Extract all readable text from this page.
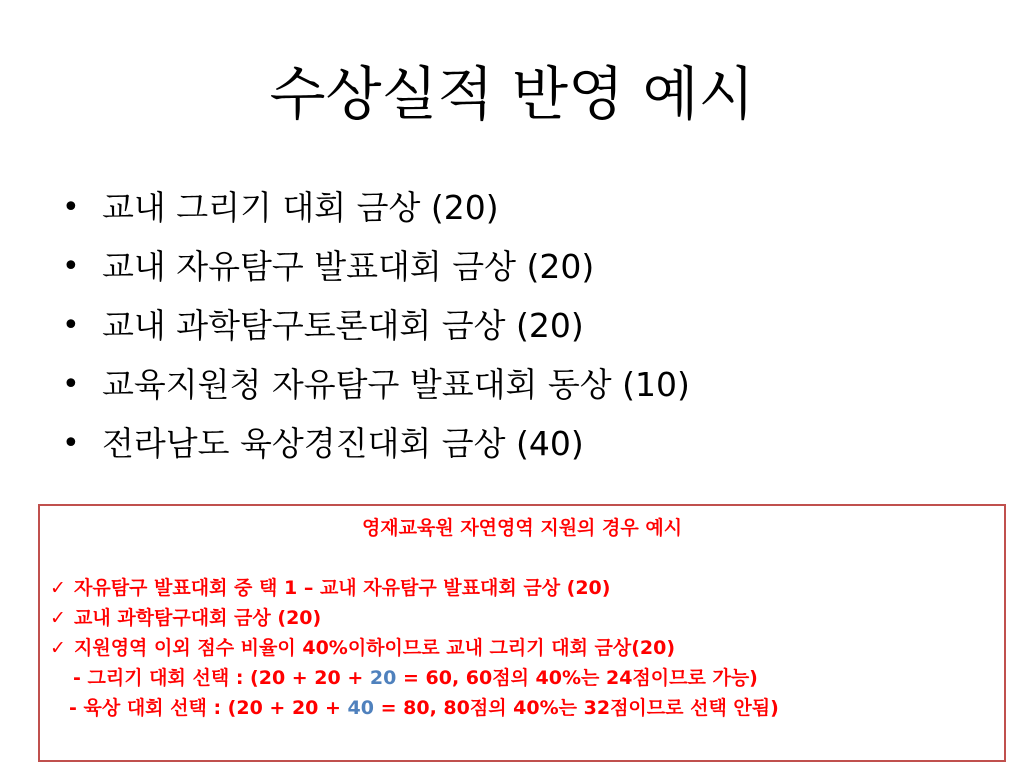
수상실적 반영 예시
• 교내 그리기 대회 금상 (20)
• 교내 자유탐구 발표대회 금상 (20)
• 교내 과학탐구토론대회 금상 (20)
• 교육지원청 자유탐구 발표대회 동상 (10)
• 전라남도 육상경진대회 금상 (40)
영재교육원 자연영역 지원의 경우 예시
✓ 자유탐구 발표대회 중 택 1 – 교내 자유탐구 발표대회 금상 (20)
✓ 교내 과학탐구대회 금상 (20)
✓ 지원영역 이외 점수 비율이 40%이하이므로 교내 그리기 대회 금상(20)
- 그리기 대회 선택 : (20 + 20 + 20 = 60, 60점의 40%는 24점이므로 가능)
- 육상 대회 선택 : (20 + 20 + 40 = 80, 80점의 40%는 32점이므로 선택 안됨)
